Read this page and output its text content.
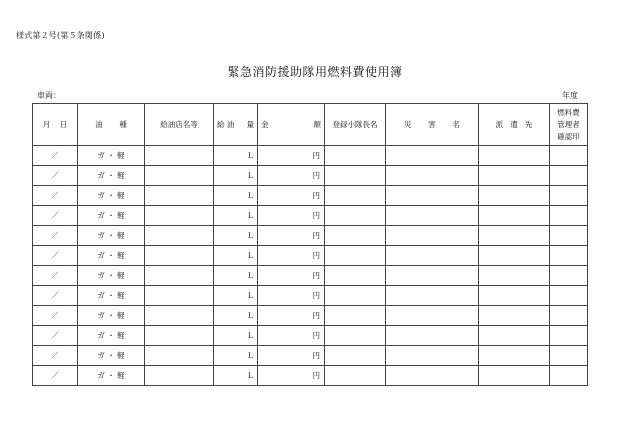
様式第２号(第５条関係)
緊急消防援助隊用燃料費使用簿
車両：	年度
月 日	油 種	給油店名等	給 油 量	金 額	登録小隊長名	災 害 名	派 遣 先	燃料費
管理者
確認印

／	ガ ・ 軽		L	円				
／	ガ ・ 軽		L	円				
／	ガ ・ 軽		L	円				
／	ガ ・ 軽		L	円				
／	ガ ・ 軽		L	円				
／	ガ ・ 軽		L	円				
／	ガ ・ 軽		L	円				
／	ガ ・ 軽		L	円				
／	ガ ・ 軽		L	円				
／	ガ ・ 軽		L	円				
／	ガ ・ 軽		L	円				
／	ガ ・ 軽		L	円				
